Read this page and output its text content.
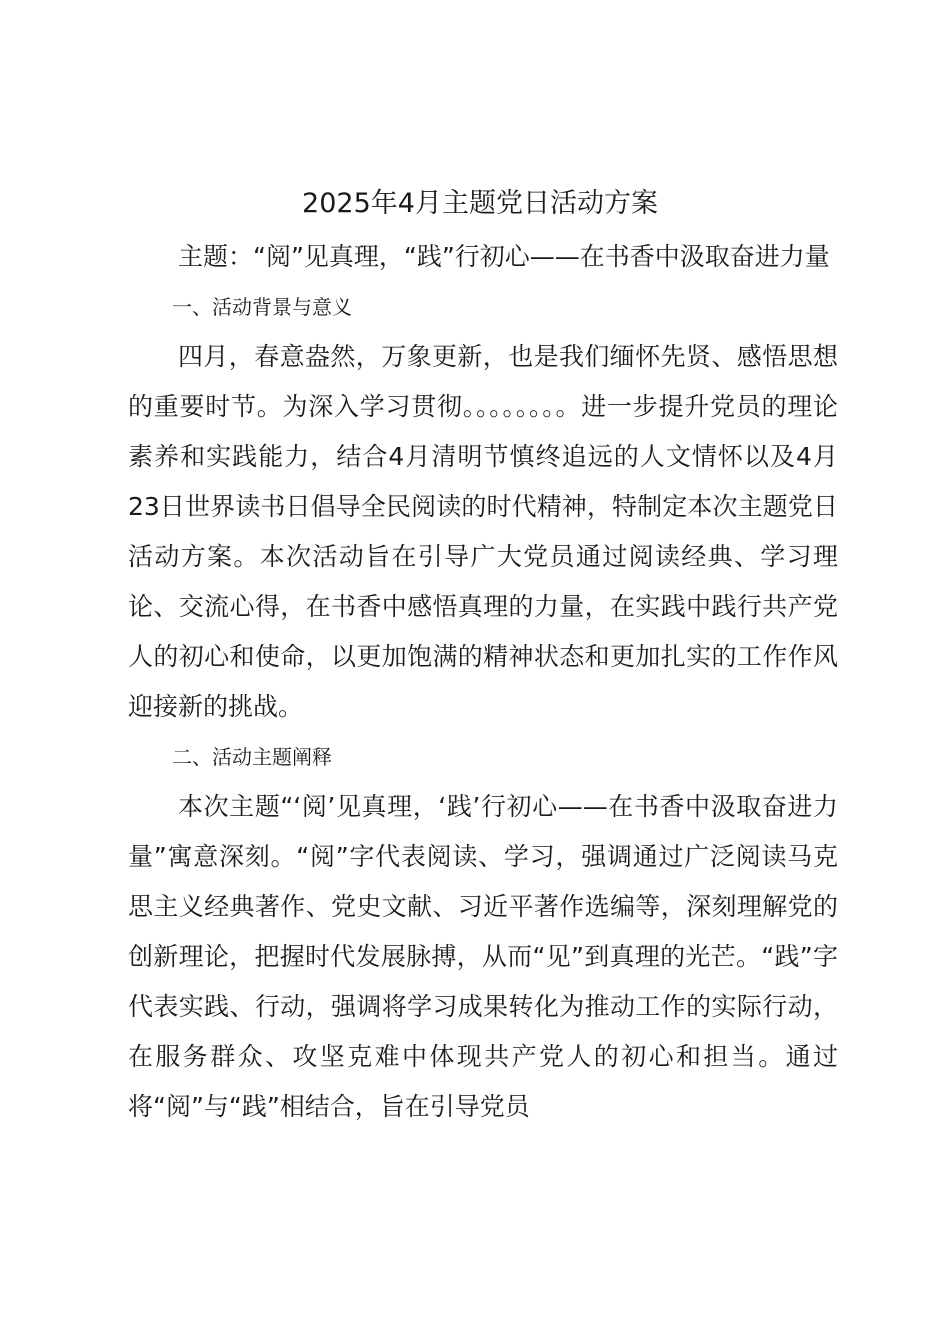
2025年4月主题党日活动方案

主题：“阅”见真理，“践”行初心——在书香中汲取奋进力量

一、活动背景与意义

四月，春意盎然，万象更新，也是我们缅怀先贤、感悟思想的重要时节。为深入学习贯彻。。。。。。。。进一步提升党员的理论素养和实践能力，结合4月清明节慎终追远的人文情怀以及4月23日世界读书日倡导全民阅读的时代精神，特制定本次主题党日活动方案。本次活动旨在引导广大党员通过阅读经典、学习理论、交流心得，在书香中感悟真理的力量，在实践中践行共产党人的初心和使命，以更加饱满的精神状态和更加扎实的工作作风迎接新的挑战。

二、活动主题阐释

本次主题“‘阅’见真理，‘践’行初心——在书香中汲取奋进力量”寓意深刻。“阅”字代表阅读、学习，强调通过广泛阅读马克思主义经典著作、党史文献、习近平著作选编等，深刻理解党的创新理论，把握时代发展脉搏，从而“见”到真理的光芒。“践”字代表实践、行动，强调将学习成果转化为推动工作的实际行动，在服务群众、攻坚克难中体现共产党人的初心和担当。通过将“阅”与“践”相结合，旨在引导党员
